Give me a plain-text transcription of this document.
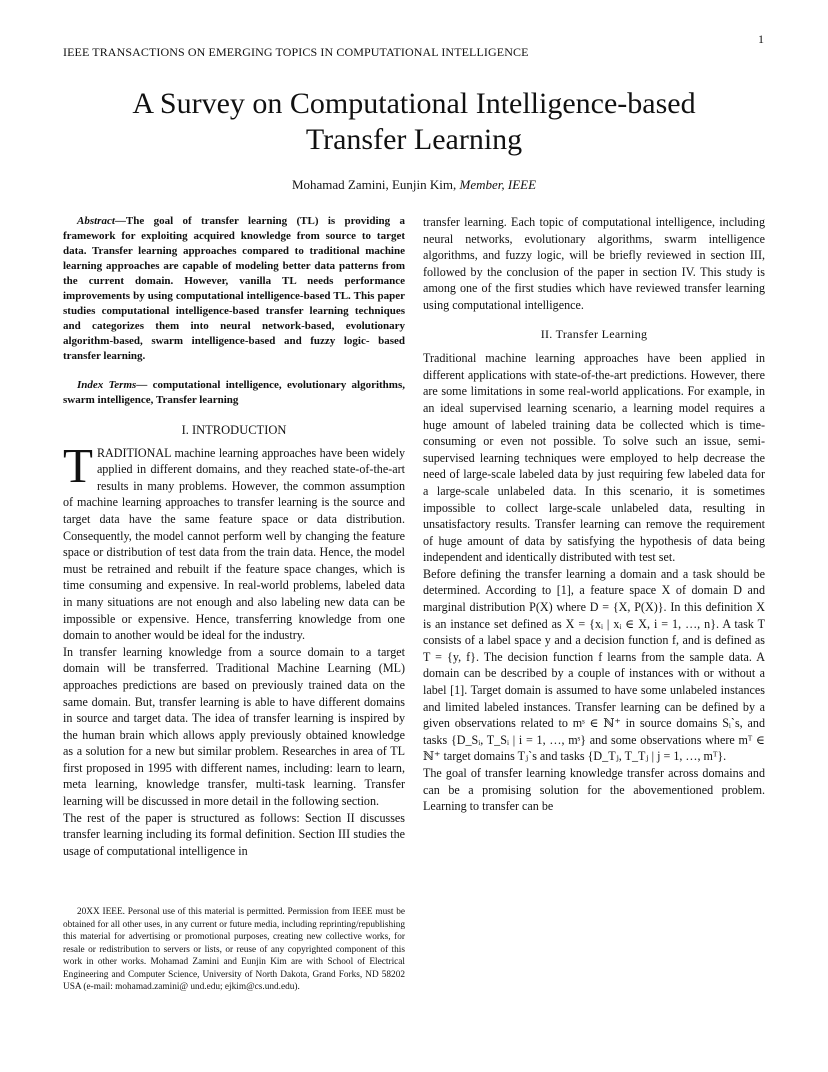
1
IEEE TRANSACTIONS ON EMERGING TOPICS IN COMPUTATIONAL INTELLIGENCE
A Survey on Computational Intelligence-based
Transfer Learning
Mohamad Zamini, Eunjin Kim, Member, IEEE

Abstract—The goal of transfer learning (TL) is providing a framework for exploiting acquired knowledge from source to target data. Transfer learning approaches compared to traditional machine learning approaches are capable of modeling better data patterns from the current domain. However, vanilla TL needs performance improvements by using computational intelligence-based TL. This paper studies computational intelligence-based transfer learning techniques and categorizes them into neural network-based, evolutionary algorithm-based, swarm intelligence-based and fuzzy logic- based transfer learning.

Index Terms— computational intelligence, evolutionary algorithms, swarm intelligence, Transfer learning

I. INTRODUCTION

TRADITIONAL machine learning approaches have been widely applied in different domains, and they reached state-of-the-art results in many problems. However, the common assumption of machine learning approaches to transfer learning is the source and target data have the same feature space or data distribution. Consequently, the model cannot perform well by changing the feature space or distribution of test data from the train data. Hence, the model must be retrained and rebuilt if the feature space changes, which is time consuming and expensive. In real-world problems, labeled data in many situations are not enough and also labeling new data can be impossible or expensive. Hence, transferring knowledge from one domain to another would be ideal for the industry.

In transfer learning knowledge from a source domain to a target domain will be transferred. Traditional Machine Learning (ML) approaches predictions are based on previously trained data on the same domain. But, transfer learning is able to have different domains in source and target data. The idea of transfer learning is inspired by the human brain which allows apply previously obtained knowledge as a solution for a new but similar problem. Researches in area of TL first proposed in 1995 with different names, including: learn to learn, meta learning, knowledge transfer, multi-task learning. Transfer learning will be discussed in more detail in the following section.

The rest of the paper is structured as follows: Section II discusses transfer learning including its formal definition. Section III studies the usage of computational intelligence in

transfer learning. Each topic of computational intelligence, including neural networks, evolutionary algorithms, swarm intelligence algorithms, and fuzzy logic, will be briefly reviewed in section III, followed by the conclusion of the paper in section IV. This study is among one of the first studies which have reviewed transfer learning using computational intelligence.

II. Transfer Learning

Traditional machine learning approaches have been applied in different applications with state-of-the-art predictions. However, there are some limitations in some real-world applications. For example, in an ideal supervised learning scenario, a learning model requires a huge amount of labeled training data be collected which is time-consuming or even not possible. To solve such an issue, semi-supervised learning techniques were employed to help decrease the need of large-scale labeled data by just requiring few labeled data for a large-scale unlabeled data. In this scenario, it is sometimes impossible to collect large-scale unlabeled data, resulting in unsatisfactory results. Transfer learning can remove the requirement of huge amount of data by satisfying the hypothesis of data being independent and identically distributed with test set.

Before defining the transfer learning a domain and a task should be determined. According to [1], a feature space X of domain D and marginal distribution P(X) where D = {X, P(X)}. In this definition X is an instance set defined as X = {xᵢ | xᵢ ∈ X, i = 1, …, n}. A task T consists of a label space y and a decision function f, and is defined as T = {y, f}. The decision function f learns from the sample data. A domain can be described by a couple of instances with or without a label [1]. Target domain is assumed to have some unlabeled instances and limited labeled instances. Transfer learning can be defined by a given observations related to mˢ ∈ ℕ⁺ in source domains Sᵢ`s, and tasks {D_Sᵢ, T_Sᵢ | i = 1, …, mˢ} and some observations where mᵀ ∈ ℕ⁺ target domains Tⱼ`s and tasks {D_Tⱼ, T_Tⱼ | j = 1, …, mᵀ}.

The goal of transfer learning knowledge transfer across domains and can be a promising solution for the abovementioned problem. Learning to transfer can be

20XX IEEE. Personal use of this material is permitted. Permission from IEEE must be obtained for all other uses, in any current or future media, including reprinting/republishing this material for advertising or promotional purposes, creating new collective works, for resale or redistribution to servers or lists, or reuse of any copyrighted component of this work in other works. Mohamad Zamini and Eunjin Kim are with School of Electrical Engineering and Computer Science, University of North Dakota, Grand Forks, ND 58202 USA (e-mail: mohamad.zamini@ und.edu; ejkim@cs.und.edu).
